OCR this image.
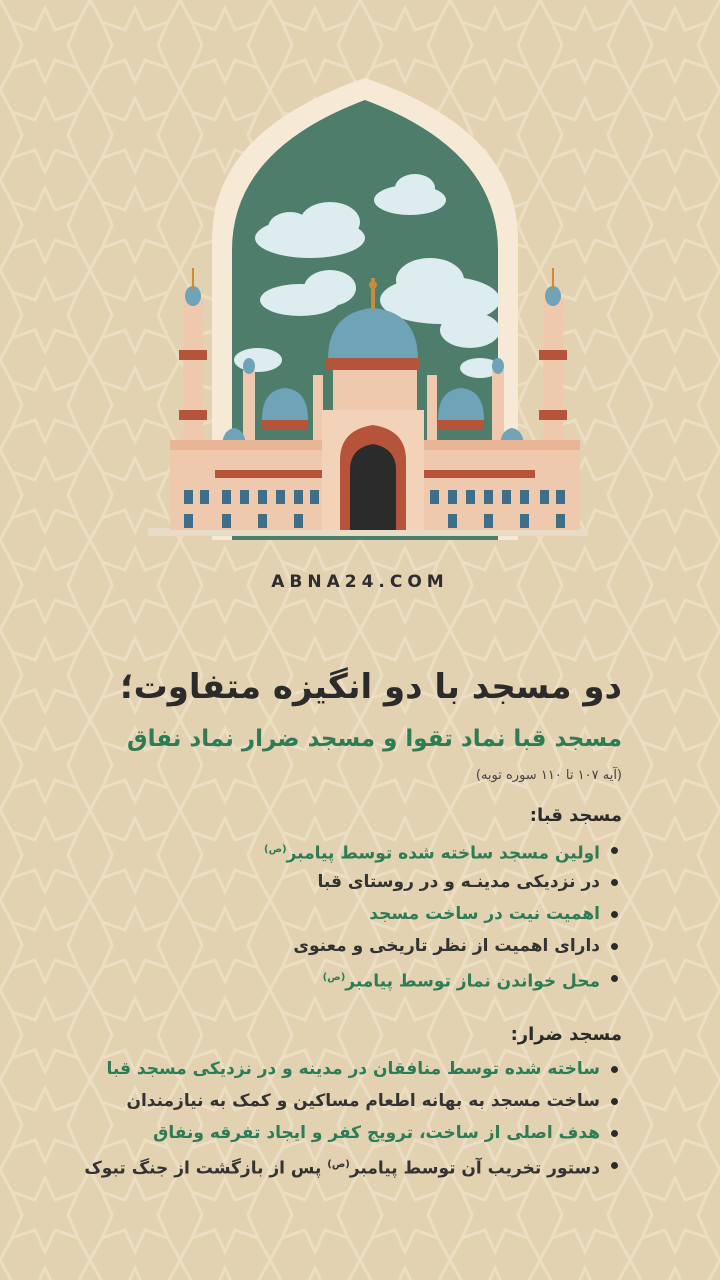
ABNA24.COM
دو مسجد با دو انگیزه متفاوت؛
مسجد قبا نماد تقوا و مسجد ضرار نماد نفاق
(آیه ۱۰۷ تا ۱۱۰ سوره توبه)
مسجد قبا:
اولین مسجد ساخته شده توسط پیامبر$^{(ص)}$
در نزدیکی مدینـه و در روستای قبا
اهمیت نیت در ساخت مسجد
دارای اهمیت از نظر تاریخی و معنوی
محل خواندن نماز توسط پیامبر$^{(ص)}$
مسجد ضرار:
ساخته شده توسط منافقان در مدینه و در نزدیکی مسجد قبا
ساخت مسجد به بهانه اطعام مساکین و کمک به نیازمندان
هدف اصلی از ساخت، ترویج کفر و ایجاد تفرقه ونفاق
دستور تخریب آن توسط پیامبر$^{(ص)}$ پس از بازگشت از جنگ تبوک
